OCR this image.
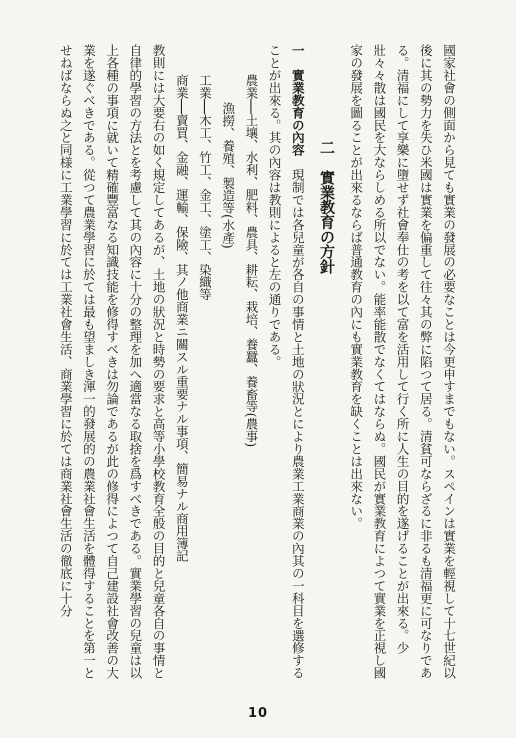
國家社會の側面から見ても實業の發展の必要なことは今更申すまでもない。スペインは實業を輕視して十七世紀以後に其の勢力を失ひ米國は實業を偏重して往々其の弊に陷つて居る。清貧可ならざるに非るも清福更に可なりである。清福にして享樂に墮せず社會奉仕の考を以て富を活用して行く所に人生の目的を遂げることが出來る。少壯々々散は國民を大ならしめる所以でない。能率能散でなくてはならぬ。國民が實業教育によつて實業を正視し國家の發展を圖ることが出來るならば普通教育の內にも實業教育を缺くことは出來ない。

二　實業教育の方針

一　實業教育の內容　現制では各兒童が各自の事情と土地の狀況とにより農業工業商業の內其の一科目を選修することが出來る。其の內容は教則によると左の通りである。

農業──土壤、水利、肥料、農具、耕耘、栽培、養蠶、養畜等(農事)

漁撈、養殖、製造等(水產)

工業──木工、竹工、金工、塗工、染織等

商業──賣買、金融、運輸、保險、其ノ他商業ニ關スル重要ナル事項、簡易ナル商用簿記

教則には大要右の如く規定してあるが、土地の狀況と時勢の要求と高等小學校教育全般の目的と兒童各自の事情と自律的學習の方法とを考慮して其の內容に十分の整理を加へ適當なる取捨を爲すべきである。實業學習の兒童は以上各種の事項に就いて精確豐富なる知識技能を修得すべきは勿論であるが此の修得によつて自己建設社會改善の大業を遂ぐべきである。從つて農業學習に於ては最も望ましき渾一的發展的の農業社會生活を體得することを第一とせねばならぬ之と同様に工業學習に於ては工業社會生活、商業學習に於ては商業社會生活の徹底に十分

10
